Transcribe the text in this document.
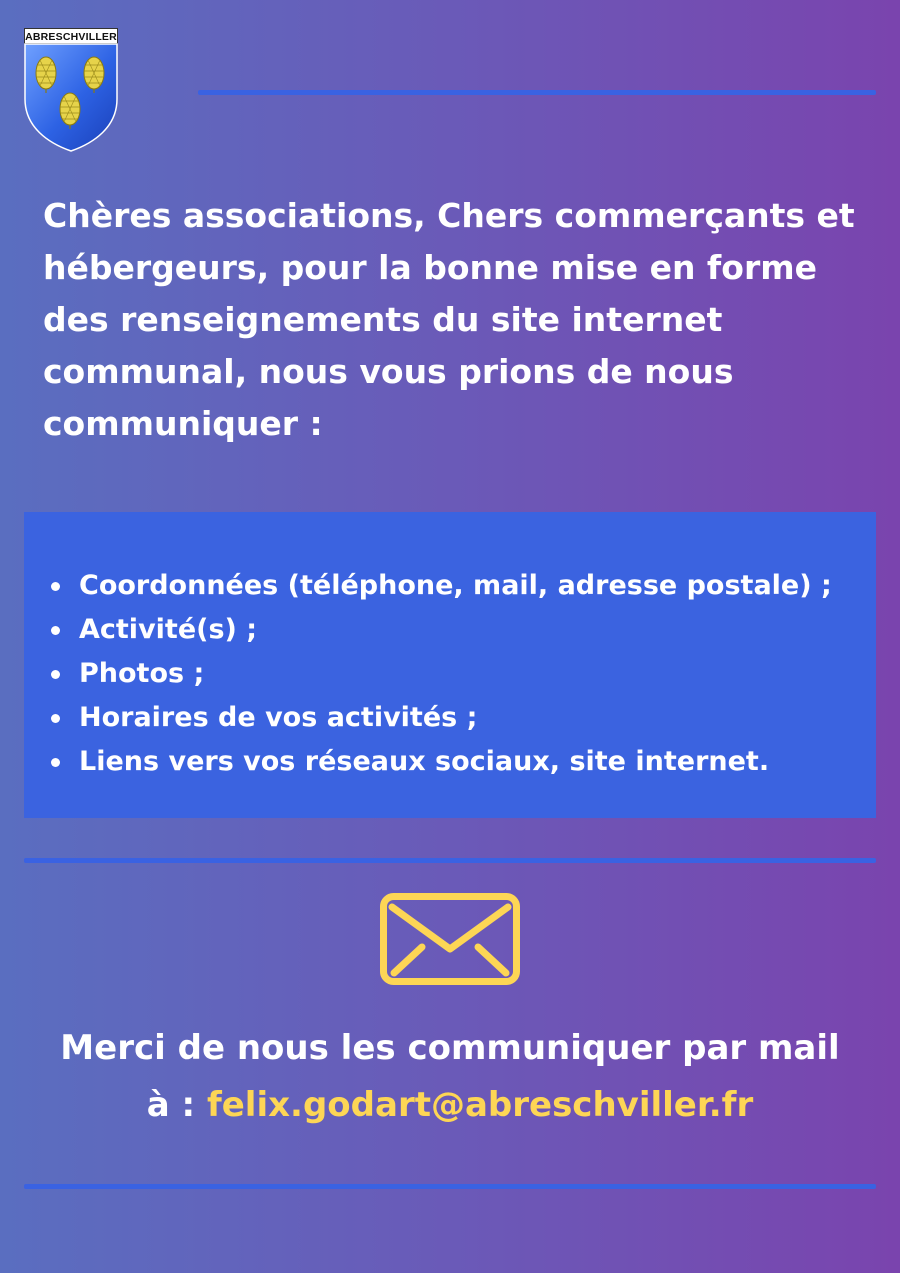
ABRESCHVILLER

Chères associations, Chers commerçants et hébergeurs, pour la bonne mise en forme des renseignements du site internet communal, nous vous prions de nous communiquer :

Coordonnées (téléphone, mail, adresse postale) ;
Activité(s) ;
Photos ;
Horaires de vos activités ;
Liens vers vos réseaux sociaux, site internet.

Merci de nous les communiquer par mail
à : felix.godart@abreschviller.fr
